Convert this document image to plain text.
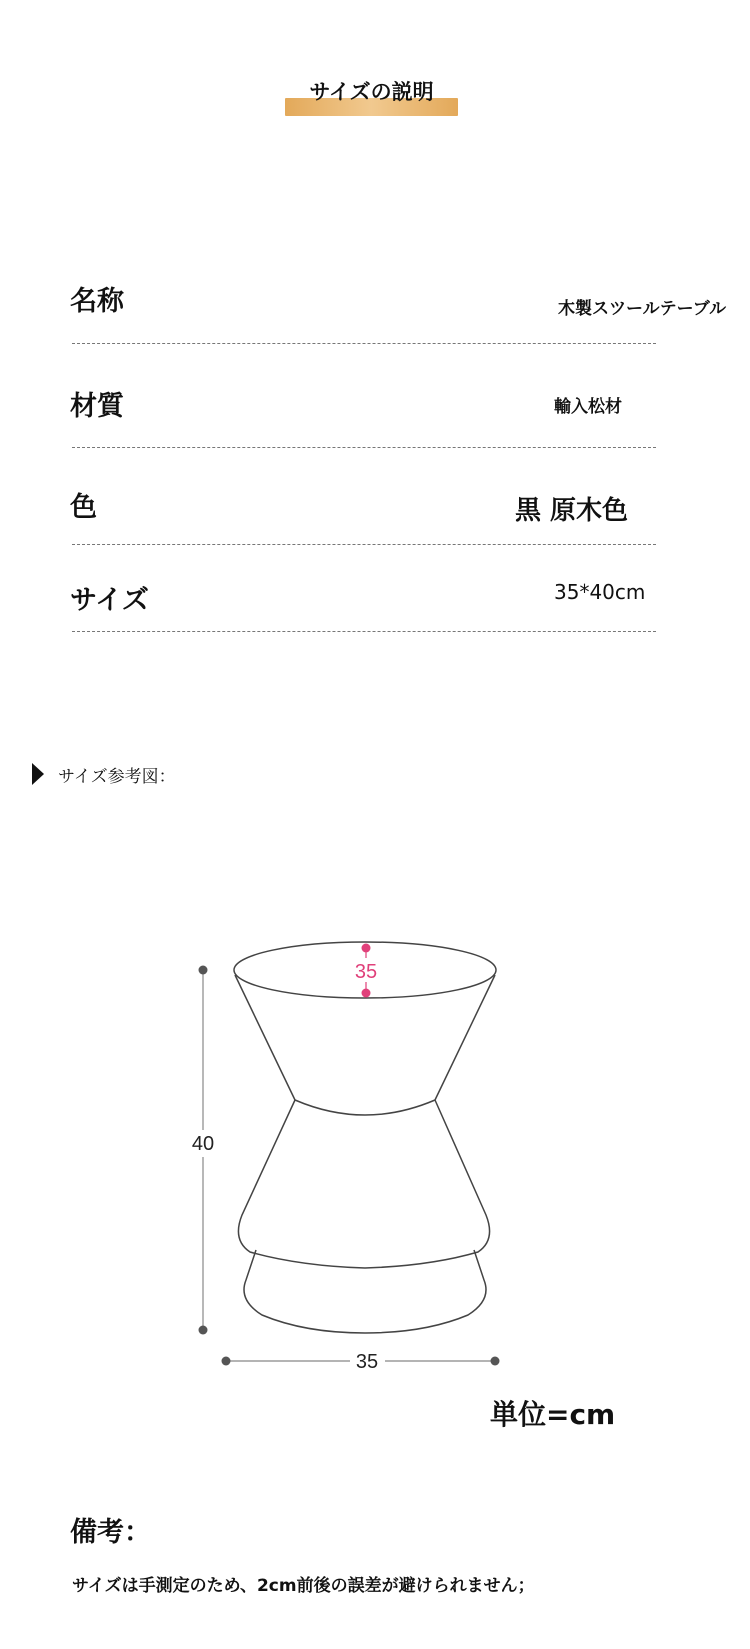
サイズの説明
名称	木製スツールテーブル
材質	輸入松材
色	黒 原木色
サイズ	35*40cm
サイズ参考図：
35
40
35
単位=cm
備考：
サイズは手測定のため、2cm前後の誤差が避けられません；
